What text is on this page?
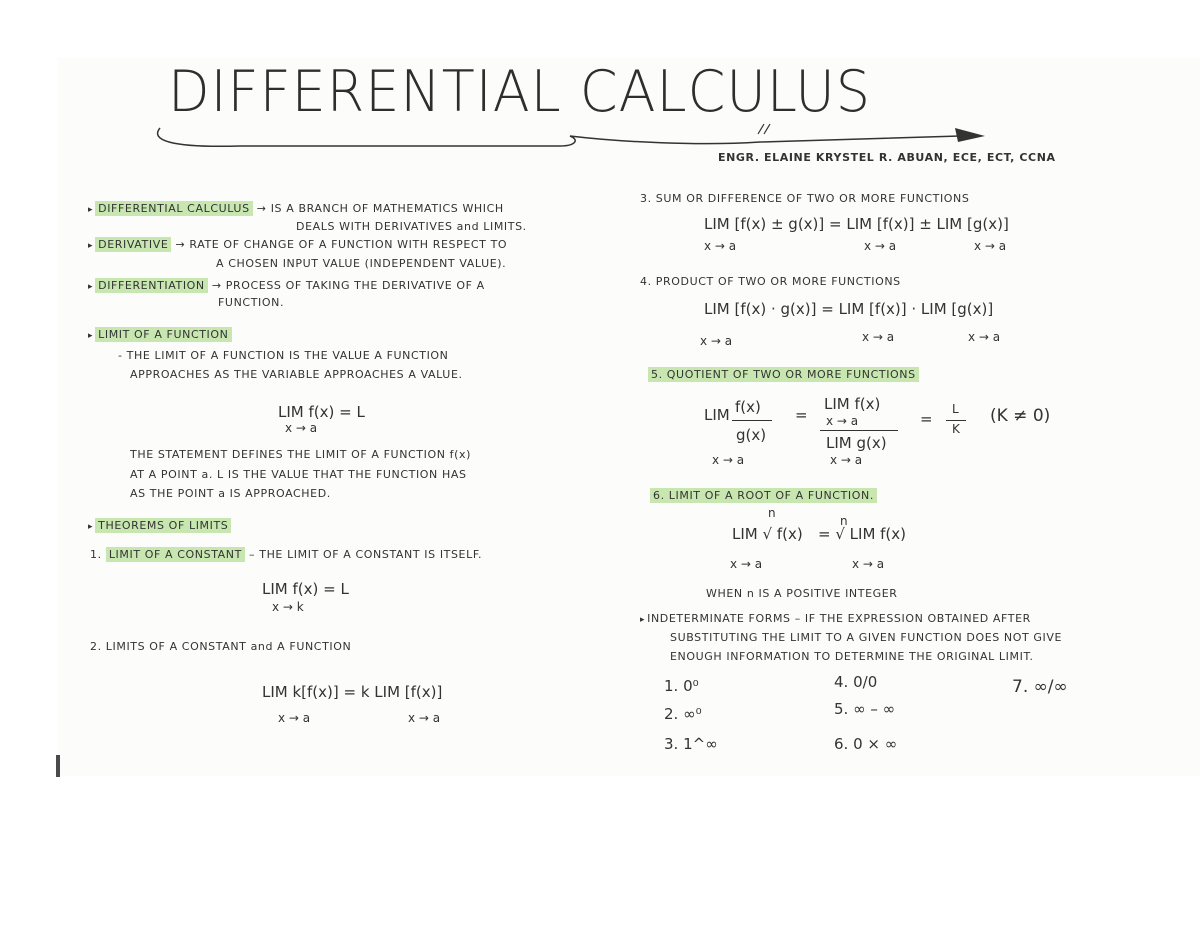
DIFFERENTIAL CALCULUS
ENGR. ELAINE KRYSTEL R. ABUAN, ECE, ECT, CCNA
▸ DIFFERENTIAL CALCULUS → IS A BRANCH OF MATHEMATICS WHICH
DEALS WITH DERIVATIVES and LIMITS.
▸ DERIVATIVE → RATE OF CHANGE OF A FUNCTION WITH RESPECT TO
A CHOSEN INPUT VALUE (INDEPENDENT VALUE).
▸ DIFFERENTIATION → PROCESS OF TAKING THE DERIVATIVE OF A
FUNCTION.
▸ LIMIT OF A FUNCTION
- THE LIMIT OF A FUNCTION IS THE VALUE A FUNCTION
APPROACHES AS THE VARIABLE APPROACHES A VALUE.
LIM f(x) = L
x → a
THE STATEMENT DEFINES THE LIMIT OF A FUNCTION f(x)
AT A POINT a. L IS THE VALUE THAT THE FUNCTION HAS
AS THE POINT a IS APPROACHED.
▸ THEOREMS OF LIMITS
1. LIMIT OF A CONSTANT – THE LIMIT OF A CONSTANT IS ITSELF.
LIM f(x) = L
x → k
2. LIMITS OF A CONSTANT and A FUNCTION
LIM k[f(x)] = k LIM [f(x)]
x → a	x → a
3. SUM OR DIFFERENCE OF TWO OR MORE FUNCTIONS
LIM [f(x) ± g(x)] = LIM [f(x)] ± LIM [g(x)]
x → a	x → a	x → a
4. PRODUCT OF TWO OR MORE FUNCTIONS
LIM [f(x) · g(x)] = LIM [f(x)] · LIM [g(x)]
x → a	x → a	x → a
5. QUOTIENT OF TWO OR MORE FUNCTIONS
LIM f(x)
g(x)
x → a
=
LIM f(x)
x → a
LIM g(x)
x → a
=
L
K
(K ≠ 0)
6. LIMIT OF A ROOT OF A FUNCTION.
n
n
LIM √ f(x) = √ LIM f(x)
x → a	x → a
WHEN n IS A POSITIVE INTEGER
▸ INDETERMINATE FORMS – IF THE EXPRESSION OBTAINED AFTER
SUBSTITUTING THE LIMIT TO A GIVEN FUNCTION DOES NOT GIVE
ENOUGH INFORMATION TO DETERMINE THE ORIGINAL LIMIT.
1. 0⁰
2. ∞⁰
3. 1^∞
4. 0/0
5. ∞ – ∞
6. 0 × ∞
7. ∞/∞
